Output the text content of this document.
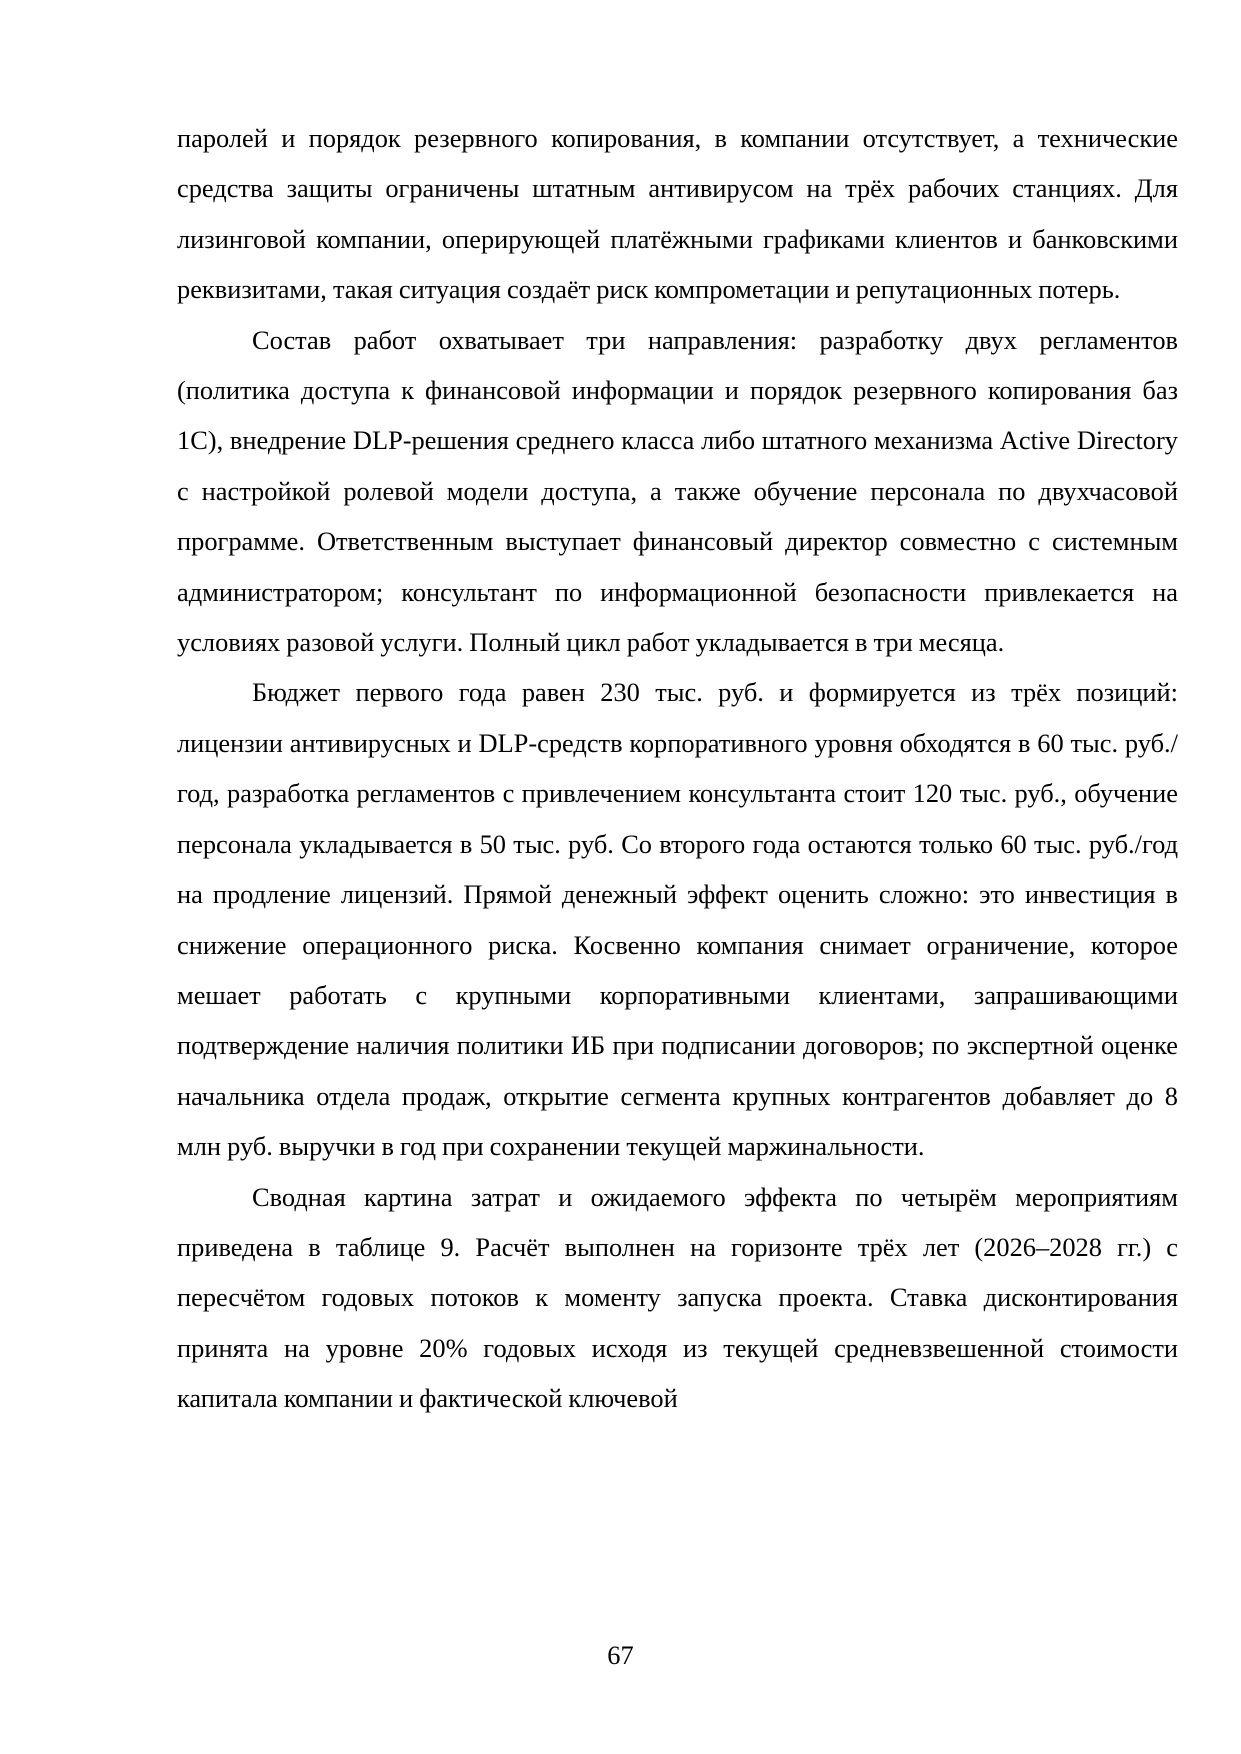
паролей и порядок резервного копирования, в компании отсутствует, а технические средства защиты ограничены штатным антивирусом на трёх рабочих станциях. Для лизинговой компании, оперирующей платёжными графиками клиентов и банковскими реквизитами, такая ситуация создаёт риск компрометации и репутационных потерь.

Состав работ охватывает три направления: разработку двух регламентов (политика доступа к финансовой информации и порядок резервного копирования баз 1С), внедрение DLP-решения среднего класса либо штатного механизма Active Directory с настройкой ролевой модели доступа, а также обучение персонала по двухчасовой программе. Ответственным выступает финансовый директор совместно с системным администратором; консультант по информационной безопасности привлекается на условиях разовой услуги. Полный цикл работ укладывается в три месяца.

Бюджет первого года равен 230 тыс. руб. и формируется из трёх позиций: лицензии антивирусных и DLP-средств корпоративного уровня обходятся в 60 тыс. руб./год, разработка регламентов с привлечением консультанта стоит 120 тыс. руб., обучение персонала укладывается в 50 тыс. руб. Со второго года остаются только 60 тыс. руб./год на продление лицензий. Прямой денежный эффект оценить сложно: это инвестиция в снижение операционного риска. Косвенно компания снимает ограничение, которое мешает работать с крупными корпоративными клиентами, запрашивающими подтверждение наличия политики ИБ при подписании договоров; по экспертной оценке начальника отдела продаж, открытие сегмента крупных контрагентов добавляет до 8 млн руб. выручки в год при сохранении текущей маржинальности.

Сводная картина затрат и ожидаемого эффекта по четырём мероприятиям приведена в таблице 9. Расчёт выполнен на горизонте трёх лет (2026–2028 гг.) с пересчётом годовых потоков к моменту запуска проекта. Ставка дисконтирования принята на уровне 20% годовых исходя из текущей средневзвешенной стоимости капитала компании и фактической ключевой

67
